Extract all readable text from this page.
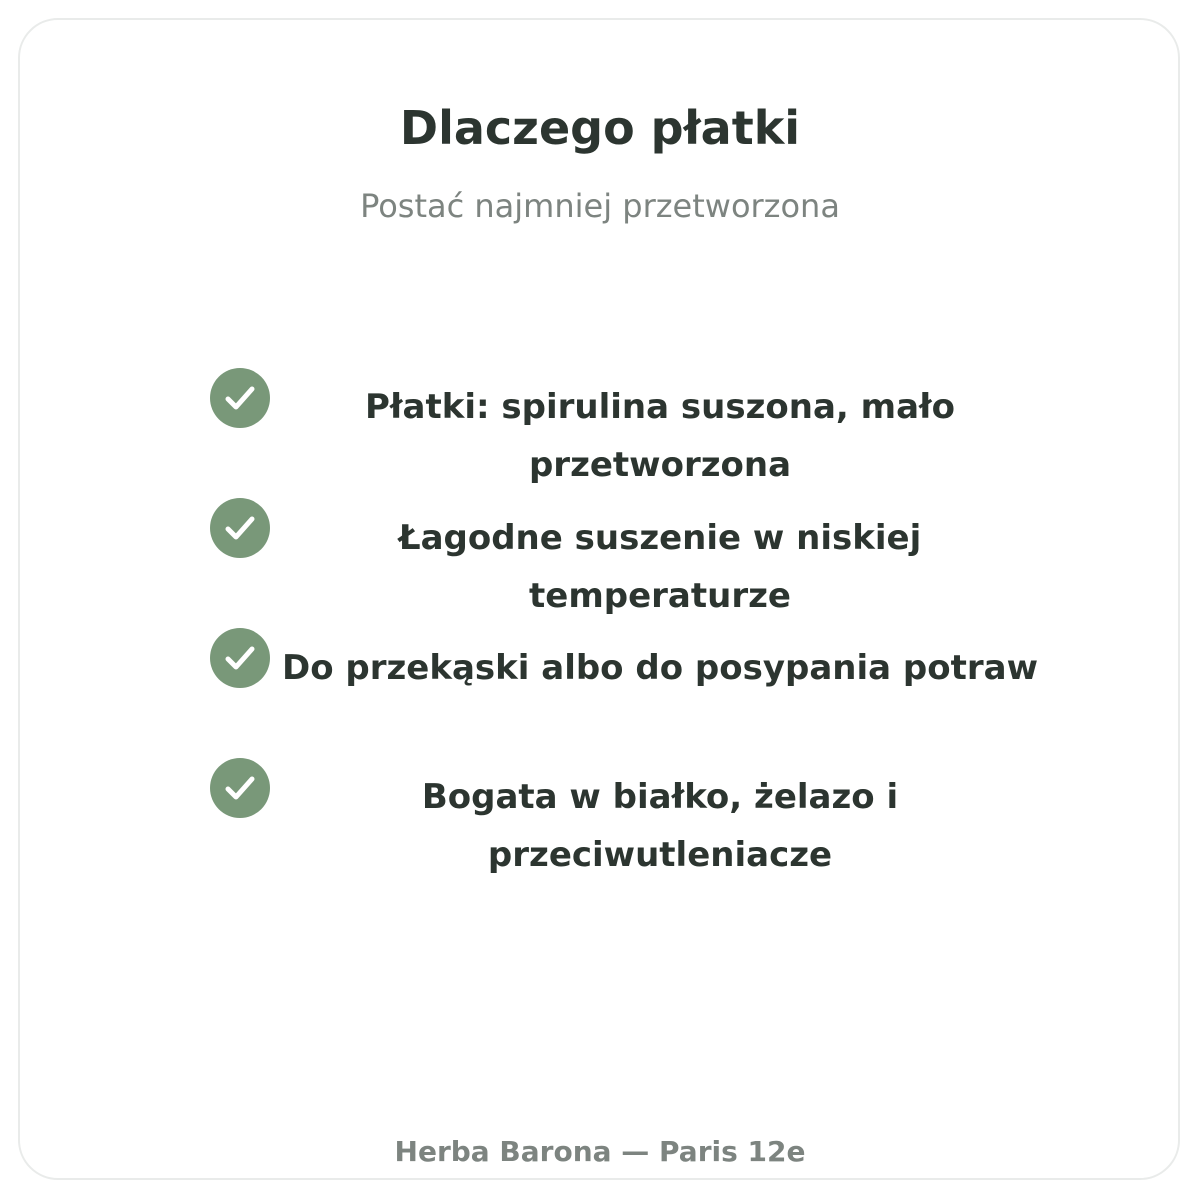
Dlaczego płatki

Postać najmniej przetworzona

Płatki: spirulina suszona, mało przetworzona

Łagodne suszenie w niskiej temperaturze

Do przekąski albo do posypania potraw

Bogata w białko, żelazo i przeciwutleniacze

Herba Barona — Paris 12e
